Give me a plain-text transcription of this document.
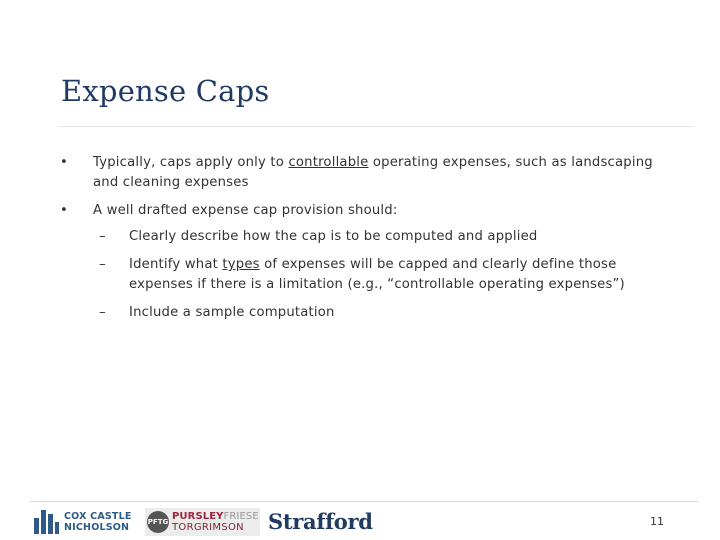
Expense Caps
•	Typically, caps apply only to controllable operating expenses, such as landscaping and cleaning expenses
•	A well drafted expense cap provision should:
– Clearly describe how the cap is to be computed and applied
– Identify what types of expenses will be capped and clearly define those expenses if there is a limitation (e.g., “controllable operating expenses”)
– Include a sample computation
COX CASTLE
NICHOLSON	PFTG PURSLEYFRIESE
TORGRIMSON	Strafford	11
